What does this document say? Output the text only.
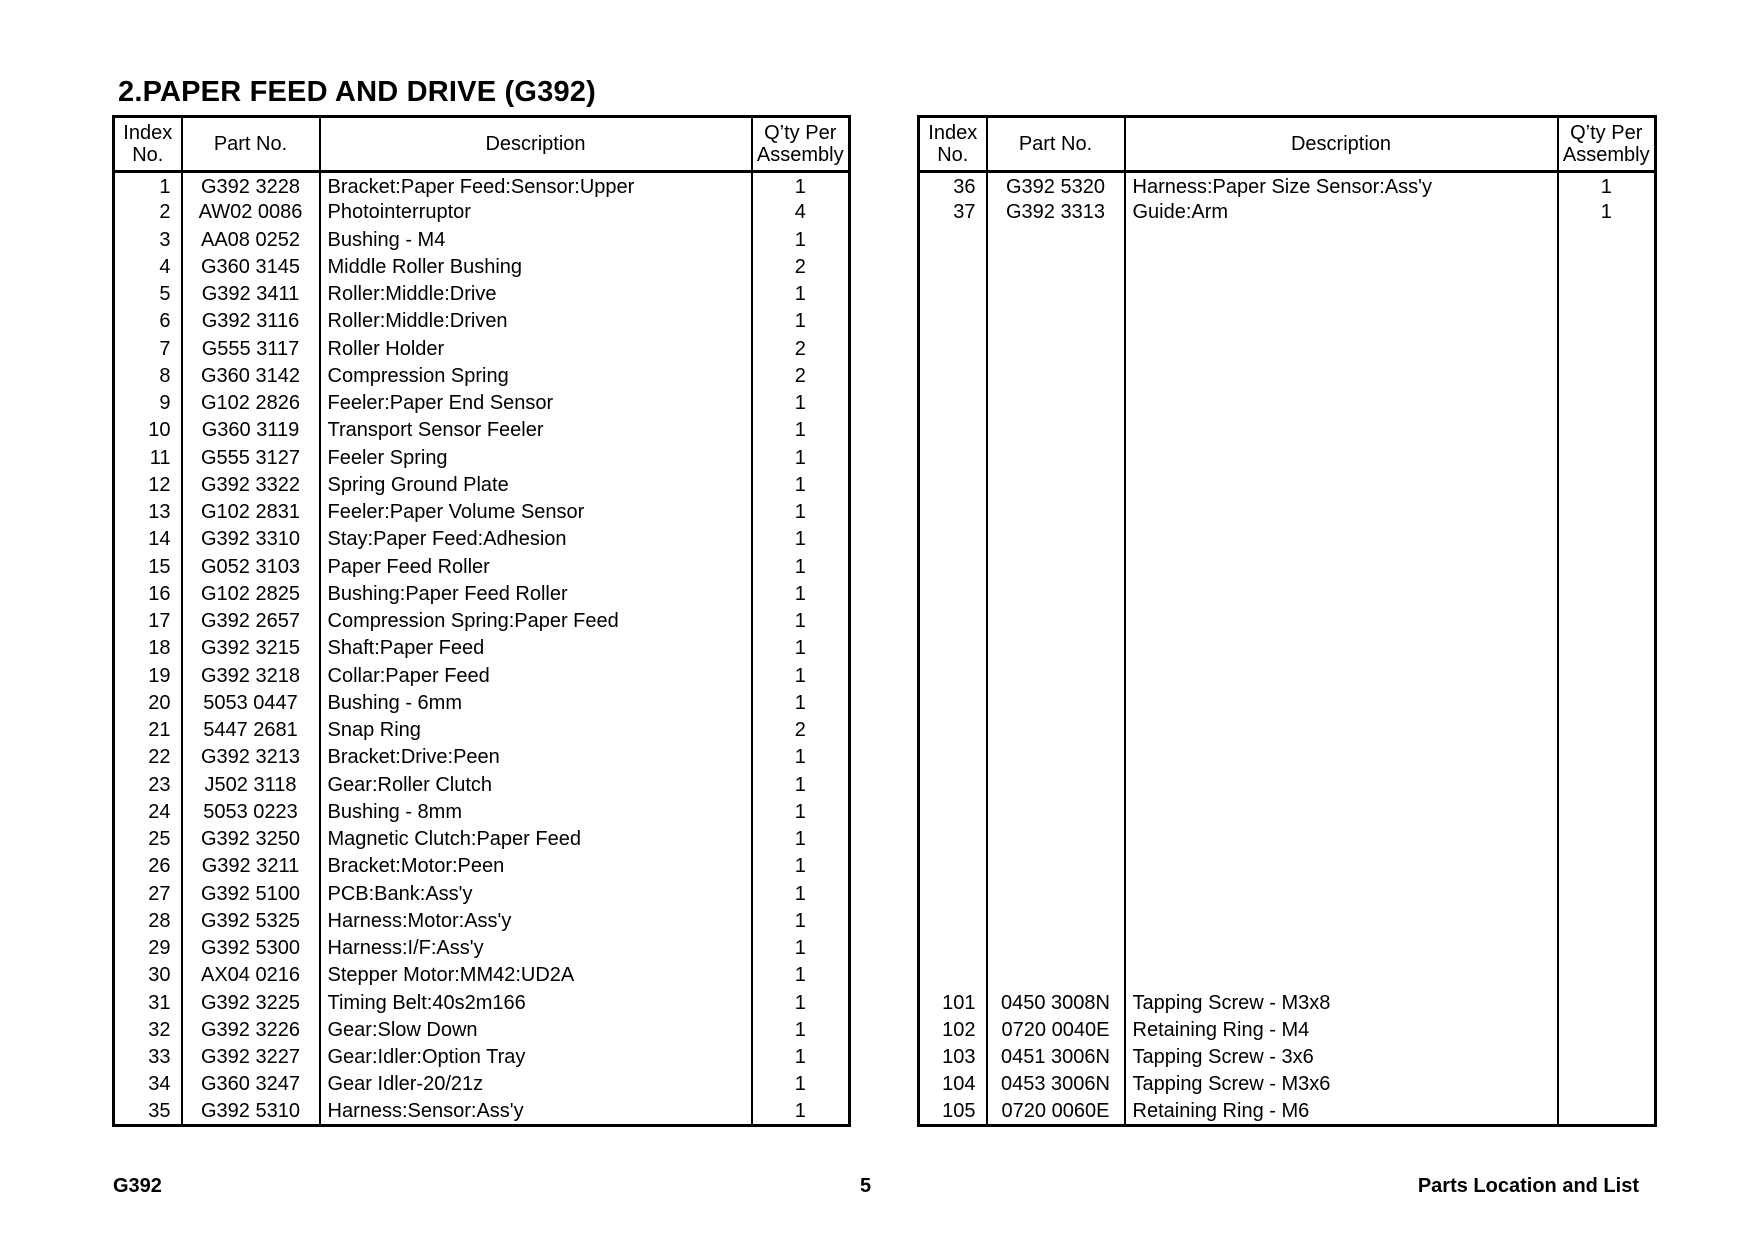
2.PAPER FEED AND DRIVE (G392)
Index
No.	Part No.	Description	Q’ty Per
Assembly
1	G392 3228	Bracket:Paper Feed:Sensor:Upper	1
2	AW02 0086	Photointerruptor	4
3	AA08 0252	Bushing - M4	1
4	G360 3145	Middle Roller Bushing	2
5	G392 3411	Roller:Middle:Drive	1
6	G392 3116	Roller:Middle:Driven	1
7	G555 3117	Roller Holder	2
8	G360 3142	Compression Spring	2
9	G102 2826	Feeler:Paper End Sensor	1
10	G360 3119	Transport Sensor Feeler	1
11	G555 3127	Feeler Spring	1
12	G392 3322	Spring Ground Plate	1
13	G102 2831	Feeler:Paper Volume Sensor	1
14	G392 3310	Stay:Paper Feed:Adhesion	1
15	G052 3103	Paper Feed Roller	1
16	G102 2825	Bushing:Paper Feed Roller	1
17	G392 2657	Compression Spring:Paper Feed	1
18	G392 3215	Shaft:Paper Feed	1
19	G392 3218	Collar:Paper Feed	1
20	5053 0447	Bushing - 6mm	1
21	5447 2681	Snap Ring	2
22	G392 3213	Bracket:Drive:Peen	1
23	J502 3118	Gear:Roller Clutch	1
24	5053 0223	Bushing - 8mm	1
25	G392 3250	Magnetic Clutch:Paper Feed	1
26	G392 3211	Bracket:Motor:Peen	1
27	G392 5100	PCB:Bank:Ass'y	1
28	G392 5325	Harness:Motor:Ass'y	1
29	G392 5300	Harness:I/F:Ass'y	1
30	AX04 0216	Stepper Motor:MM42:UD2A	1
31	G392 3225	Timing Belt:40s2m166	1
32	G392 3226	Gear:Slow Down	1
33	G392 3227	Gear:Idler:Option Tray	1
34	G360 3247	Gear Idler-20/21z	1
35	G392 5310	Harness:Sensor:Ass'y	1
Index
No.	Part No.	Description	Q’ty Per
Assembly
36	G392 5320	Harness:Paper Size Sensor:Ass'y	1
37	G392 3313	Guide:Arm	1

101	0450 3008N	Tapping Screw - M3x8	
102	0720 0040E	Retaining Ring - M4	
103	0451 3006N	Tapping Screw - 3x6	
104	0453 3006N	Tapping Screw - M3x6	
105	0720 0060E	Retaining Ring - M6	
G392	5	Parts Location and List
